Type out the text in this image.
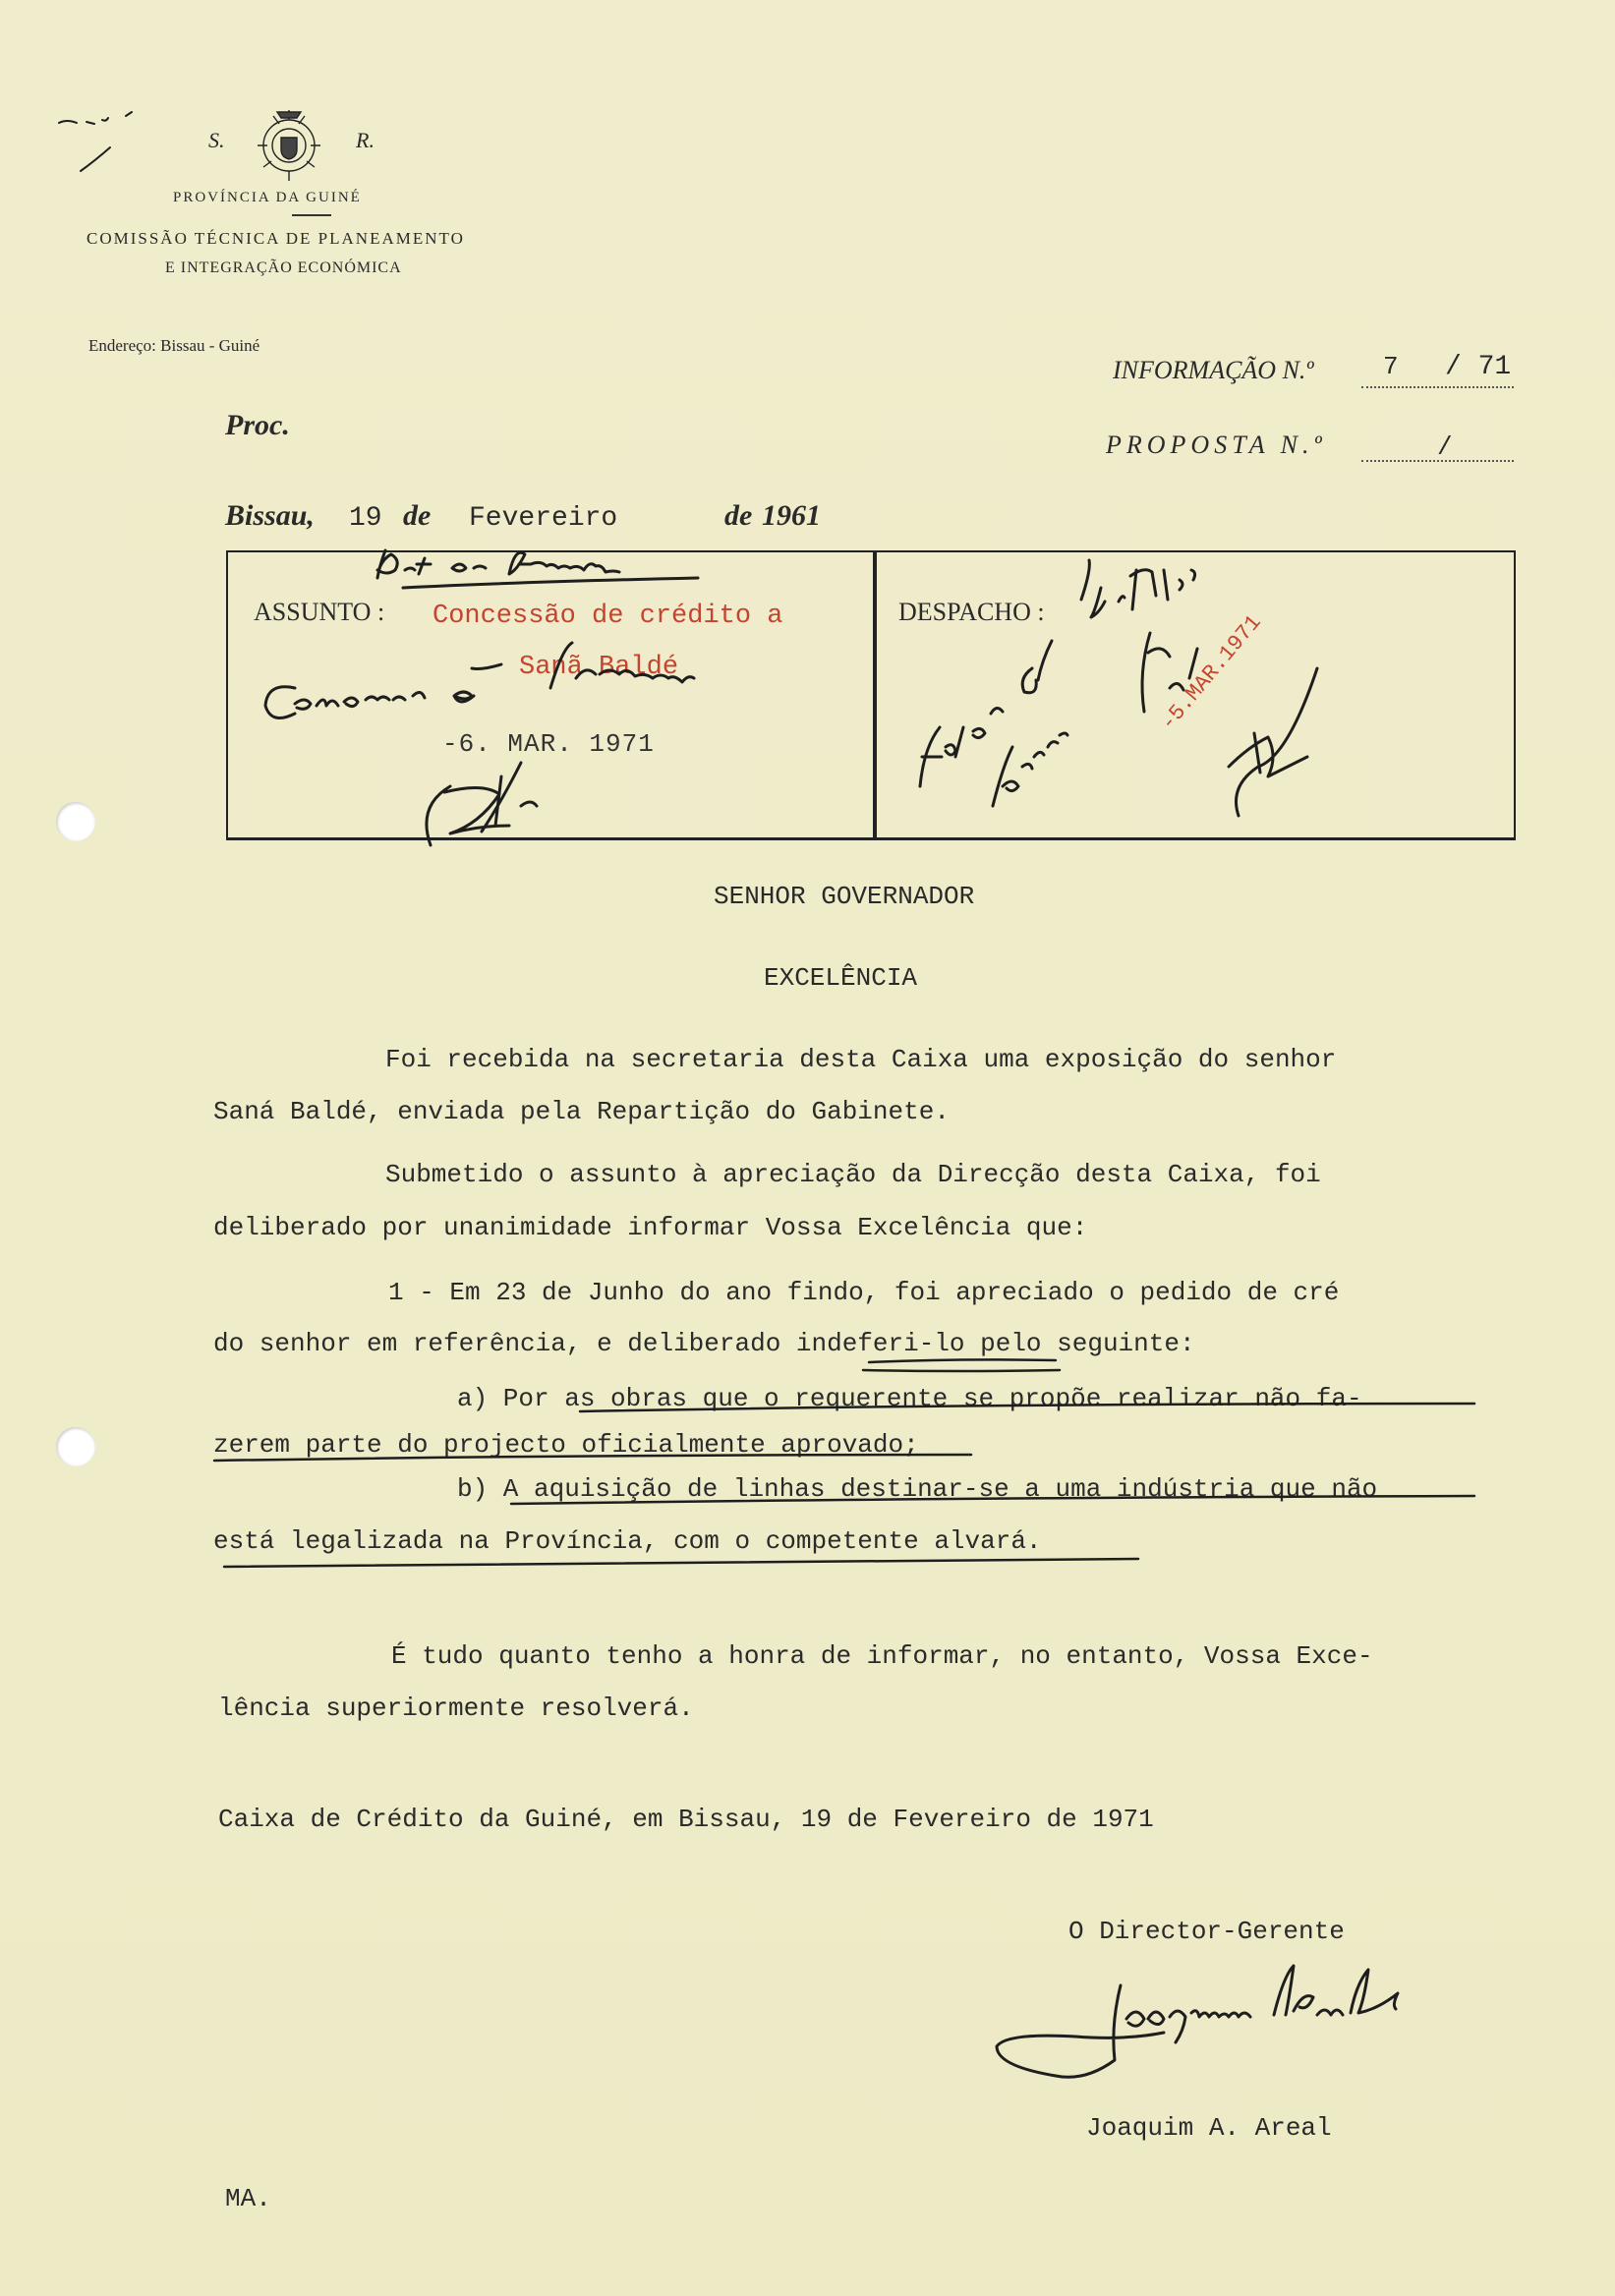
S.	R.
PROVÍNCIA DA GUINÉ
COMISSÃO TÉCNICA DE PLANEAMENTO
E INTEGRAÇÃO ECONÓMICA
Endereço: Bissau - Guiné
INFORMAÇÃO N.º	7 / 71
PROPOSTA N.º	/
Proc.
Bissau, 19 de Fevereiro	de 1961
ASSUNTO : Concessão de crédito a
Sanã Baldé
DESPACHO :
-6. MAR. 1971
SENHOR GOVERNADOR
EXCELÊNCIA
Foi recebida na secretaria desta Caixa uma exposição do senhor
Saná Baldé, enviada pela Repartição do Gabinete.
Submetido o assunto à apreciação da Direcção desta Caixa, foi
deliberado por unanimidade informar Vossa Excelência que:
1 - Em 23 de Junho do ano findo, foi apreciado o pedido de cré
do senhor em referência, e deliberado indeferi-lo pelo seguinte:
a) Por as obras que o requerente se propõe realizar não fa-
zerem parte do projecto oficialmente aprovado;
b) A aquisição de linhas destinar-se a uma indústria que não
está legalizada na Província, com o competente alvará.
É tudo quanto tenho a honra de informar, no entanto, Vossa Exce-
lência superiormente resolverá.
Caixa de Crédito da Guiné, em Bissau, 19 de Fevereiro de 1971
O Director-Gerente
Joaquim A. Areal
MA.
-5.MAR.1971
